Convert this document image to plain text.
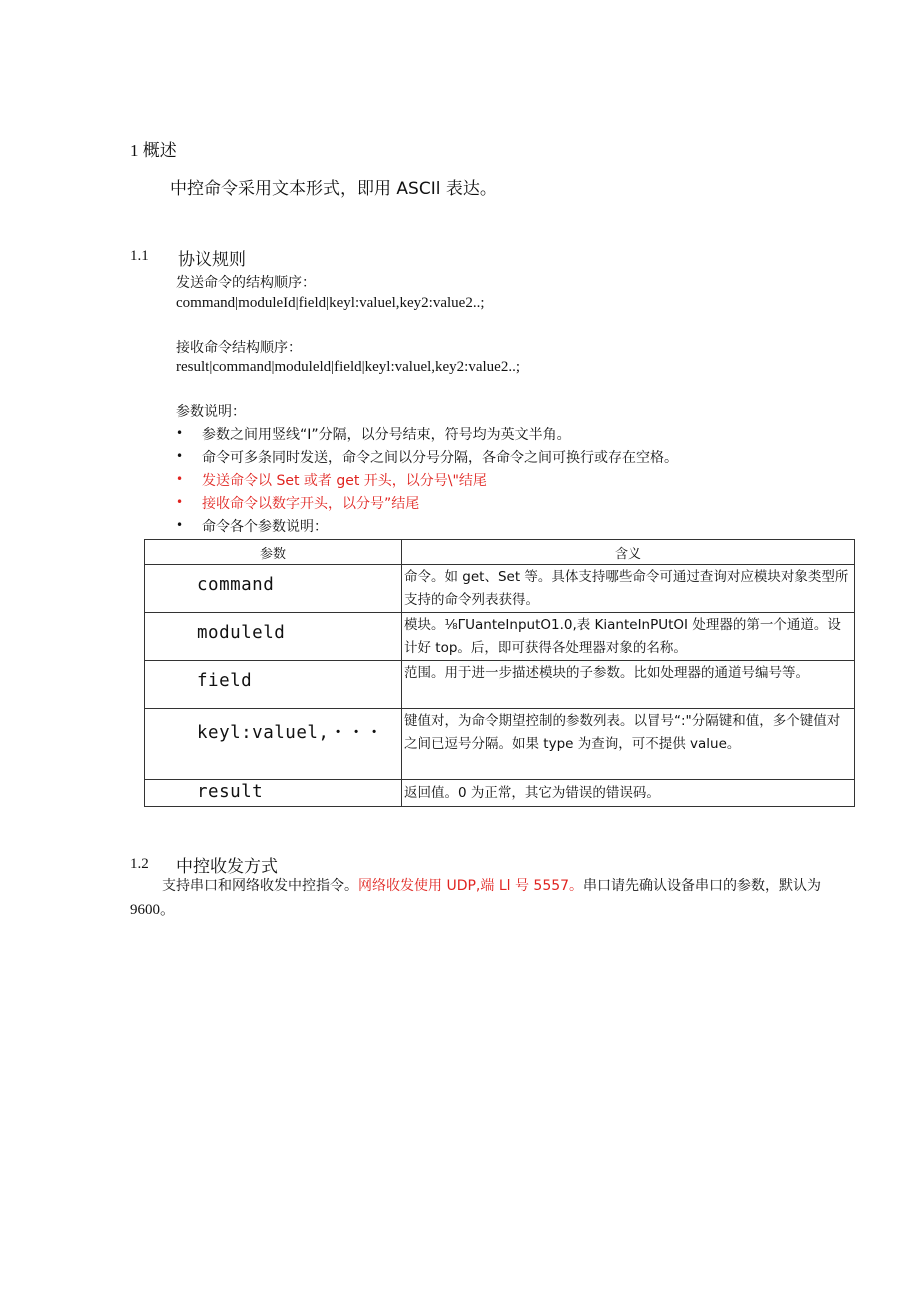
1 概述
中控命令采用文本形式，即用 ASCIl 表达。
1.1 协议规则
发送命令的结构顺序：
command|moduleId|field|keyl:valuel,key2:value2..;
接收命令结构顺序：
result|command|moduleld|field|keyl:valuel,key2:value2..;
参数说明：
• 参数之间用竖线“I”分隔，以分号结束，符号均为英文半角。
• 命令可多条同时发送，命令之间以分号分隔，各命令之间可换行或存在空格。
• 发送命令以 Set 或者 get 开头，以分号\"结尾
• 接收命令以数字开头，以分号”结尾
• 命令各个参数说明：
参数	含义
command	命令。如 get、Set 等。具体支持哪些命令可通过查询对应模块对象类型所支持的命令列表获得。
moduleld	模块。⅛ΓUanteInputO1.0,表 KianteInPUtOI 处理器的第一个通道。设计好 top。后，即可获得各处理器对象的名称。
field	范围。用于进一步描述模块的子参数。比如处理器的通道号编号等。
keyl:valuel,・・・	键值对，为命令期望控制的参数列表。以冒号“:"分隔键和值，多个键值对之间已逗号分隔。如果 type 为查询，可不提供 value。
result	返回值。0 为正常，其它为错误的错误码。
1.2 中控收发方式
支持串口和网络收发中控指令。网络收发使用 UDP,端 Ll 号 5557。串口请先确认设备串口的参数，默认为
9600。
